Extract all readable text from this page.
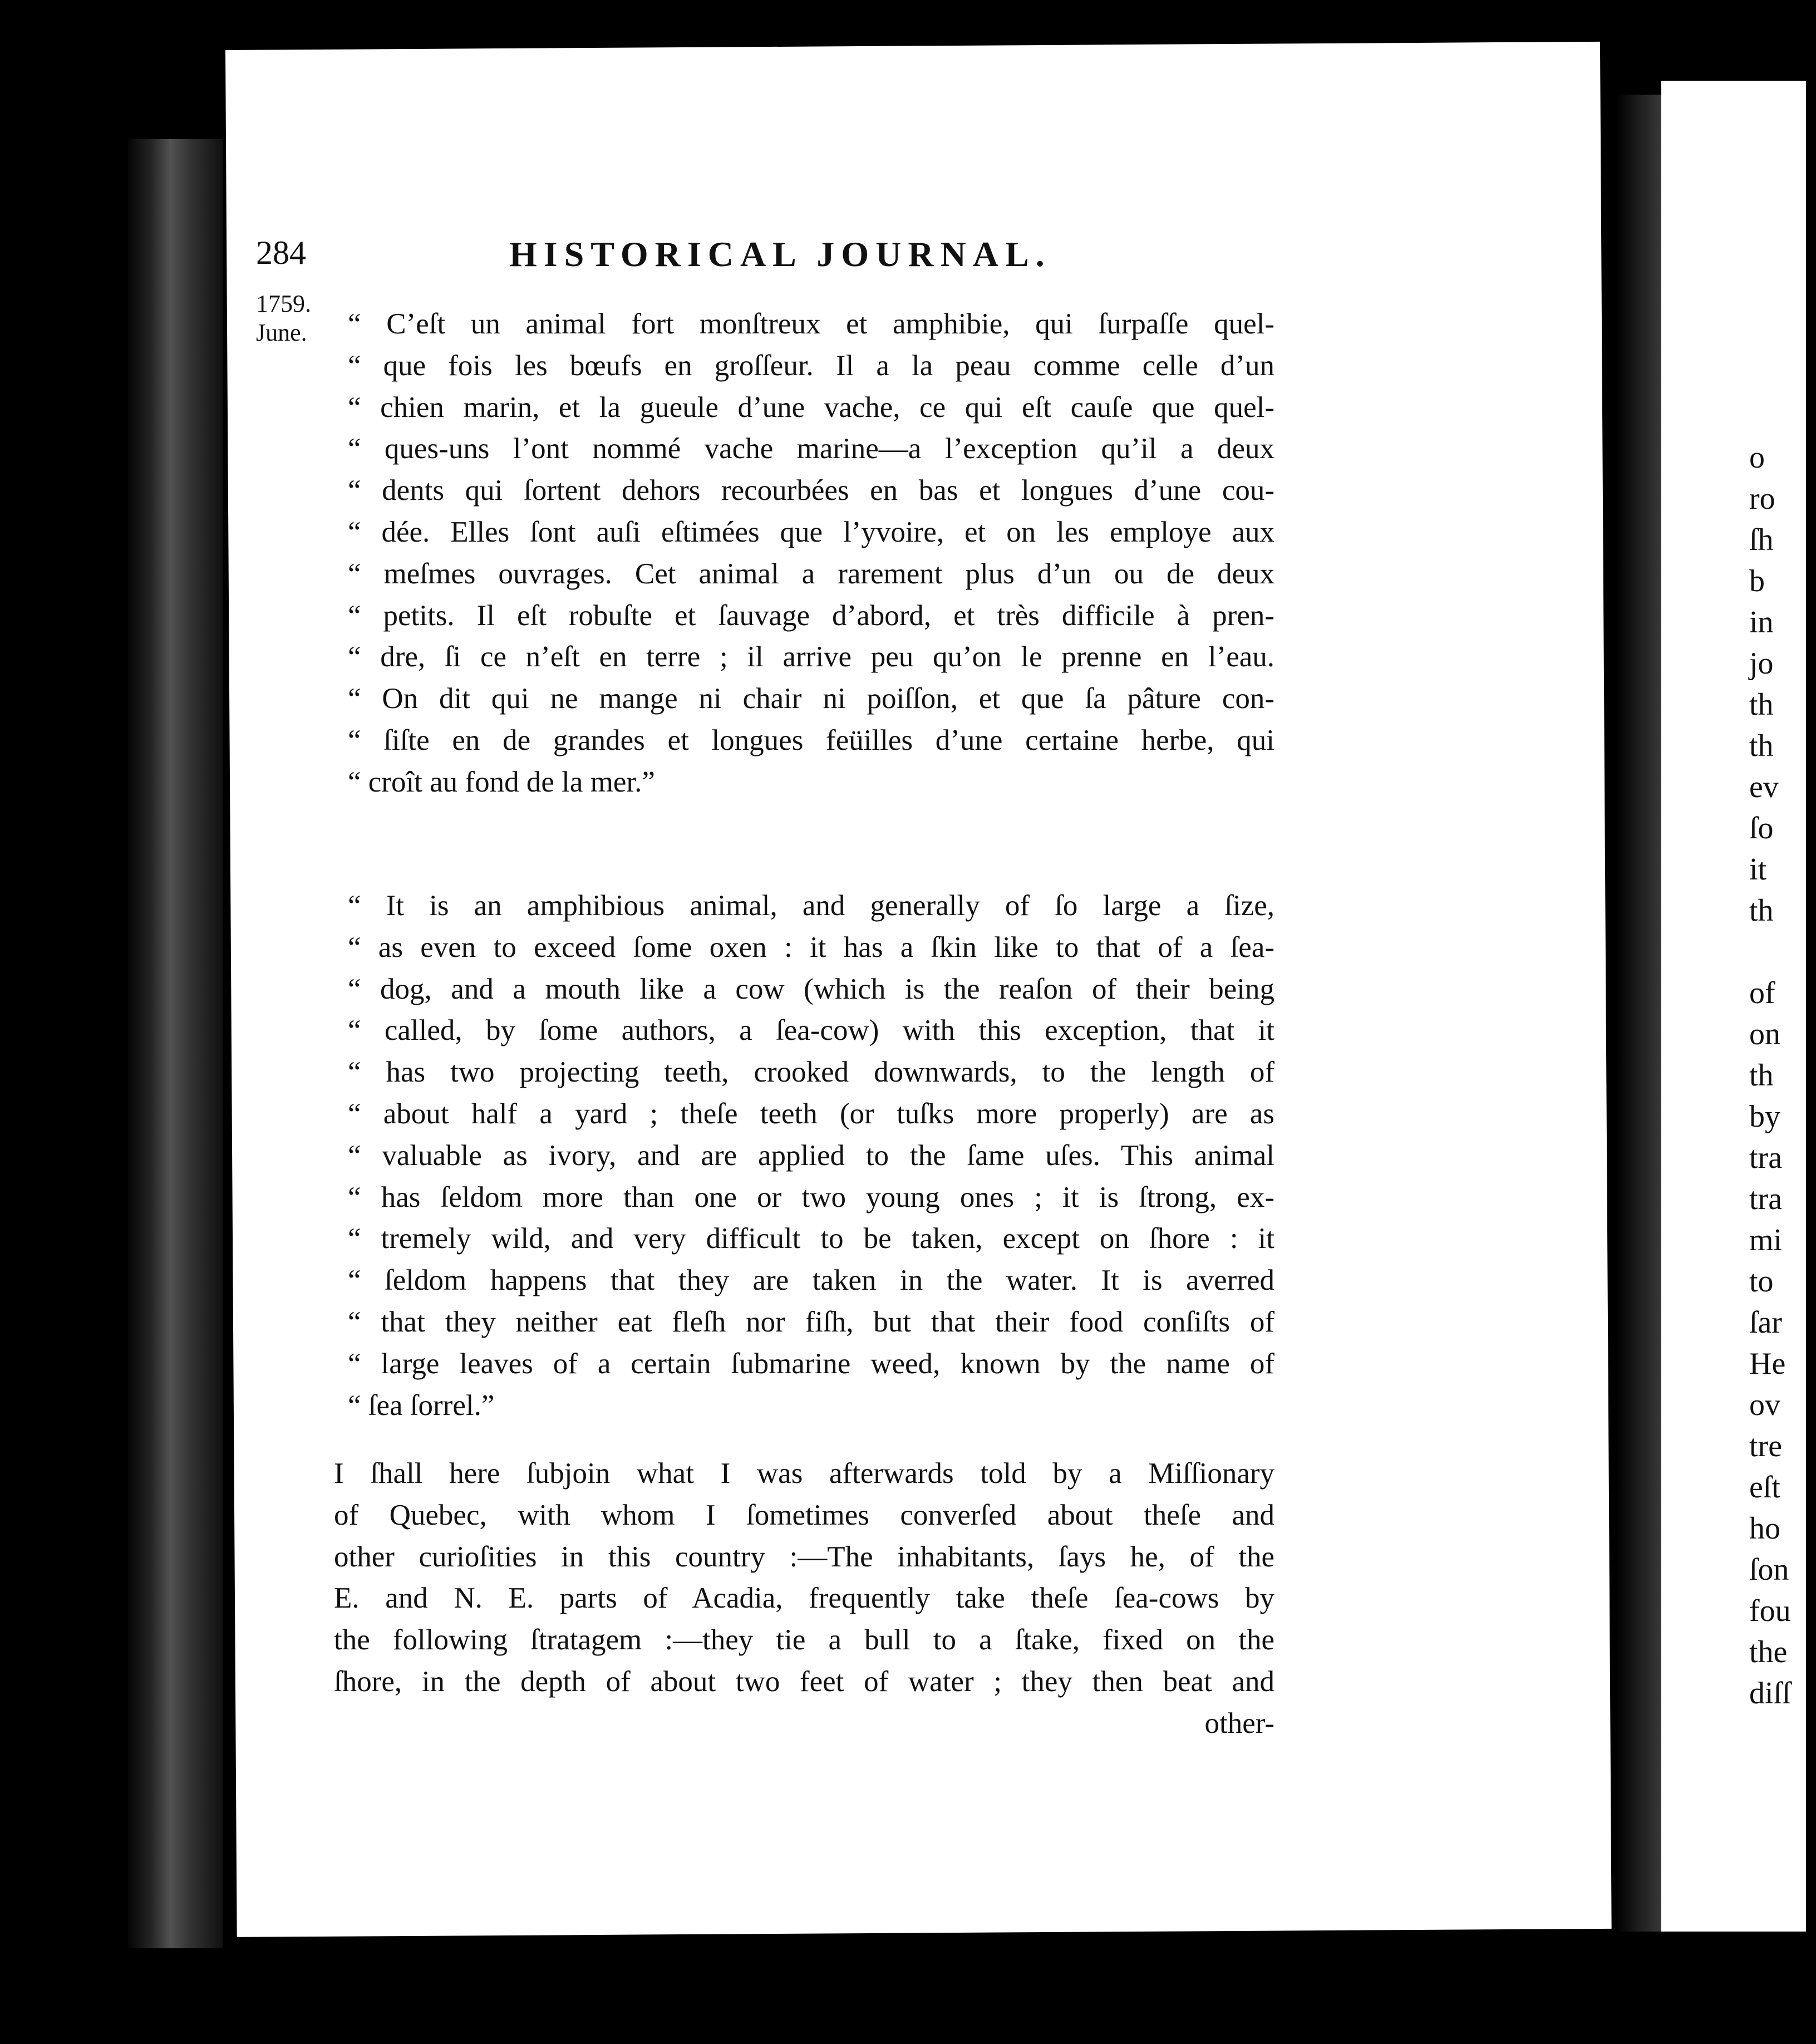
o
ro
ſh
b
in
jo
th
th
ev
ſo
it
th
of
on
th
by
tra
tra
mi
to
ſar
He
ov
tre
eſt
ho
ſon
fou
the
diſſ
284	HISTORICAL JOURNAL.
1759.
June. “ C’eſt un animal fort monſtreux et amphibie, qui ſurpaſſe quel-
“ que fois les bœufs en groſſeur. Il a la peau comme celle d’un
“ chien marin, et la gueule d’une vache, ce qui eſt cauſe que quel-
“ ques-uns l’ont nommé vache marine—a l’exception qu’il a deux
“ dents qui ſortent dehors recourbées en bas et longues d’une cou-
“ dée. Elles ſont auſi eſtimées que l’yvoire, et on les employe aux
“ meſmes ouvrages. Cet animal a rarement plus d’un ou de deux
“ petits. Il eſt robuſte et ſauvage d’abord, et très difficile à pren-
“ dre, ſi ce n’eſt en terre ; il arrive peu qu’on le prenne en l’eau.
“ On dit qui ne mange ni chair ni poiſſon, et que ſa pâture con-
“ ſiſte en de grandes et longues feüilles d’une certaine herbe, qui
“ croît au fond de la mer.”
“ It is an amphibious animal, and generally of ſo large a ſize,
“ as even to exceed ſome oxen : it has a ſkin like to that of a ſea-
“ dog, and a mouth like a cow (which is the reaſon of their being
“ called, by ſome authors, a ſea-cow) with this exception, that it
“ has two projecting teeth, crooked downwards, to the length of
“ about half a yard ; theſe teeth (or tuſks more properly) are as
“ valuable as ivory, and are applied to the ſame uſes. This animal
“ has ſeldom more than one or two young ones ; it is ſtrong, ex-
“ tremely wild, and very difficult to be taken, except on ſhore : it
“ ſeldom happens that they are taken in the water. It is averred
“ that they neither eat fleſh nor fiſh, but that their food conſiſts of
“ large leaves of a certain ſubmarine weed, known by the name of
“ ſea ſorrel.”
I ſhall here ſubjoin what I was afterwards told by a Miſſionary
of Quebec, with whom I ſometimes converſed about theſe and
other curioſities in this country :—The inhabitants, ſays he, of the
E. and N. E. parts of Acadia, frequently take theſe ſea-cows by
the following ſtratagem :—they tie a bull to a ſtake, fixed on the
ſhore, in the depth of about two feet of water ; they then beat and
other-
